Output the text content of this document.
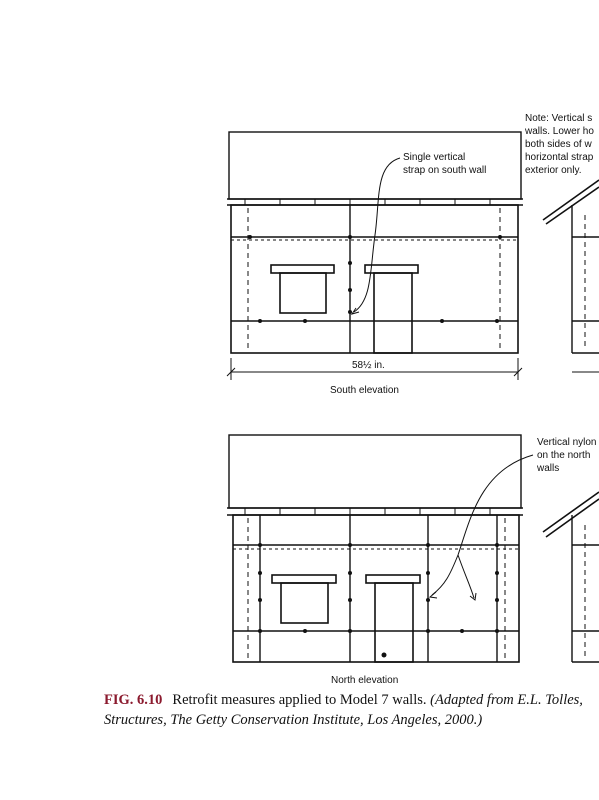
Note: Vertical s
walls. Lower ho
both sides of w
horizontal strap
exterior only.
Single vertical
strap on south wall
58½ in.
South elevation
Vertical nylon
on the north
walls
North elevation
FIG. 6.10 Retrofit measures applied to Model 7 walls. (Adapted from E.L. Tolles,
Structures, The Getty Conservation Institute, Los Angeles, 2000.)
